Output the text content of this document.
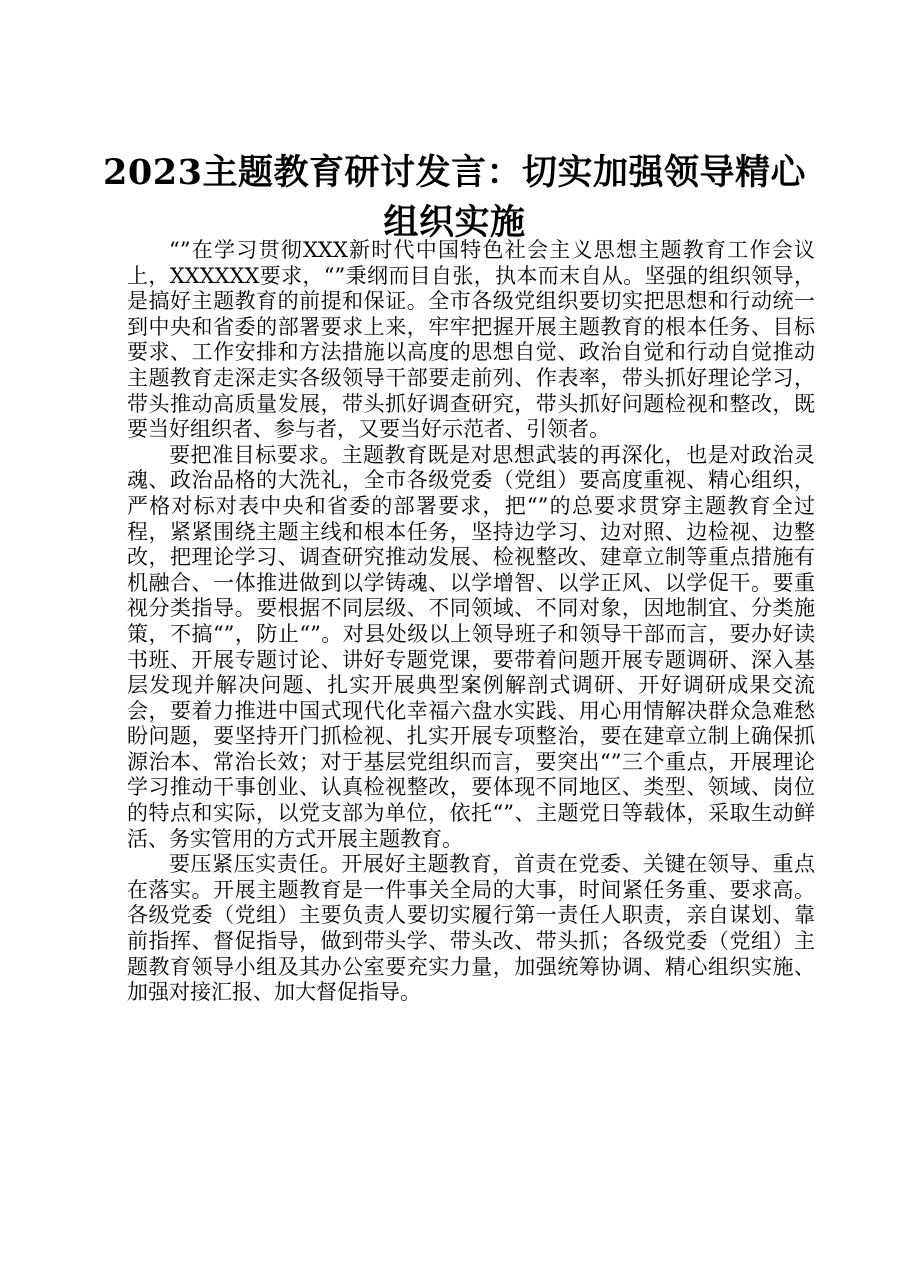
2023主题教育研讨发言：切实加强领导精心组织实施

“”在学习贯彻XXX新时代中国特色社会主义思想主题教育工作会议上，XXXXXX要求，“”秉纲而目自张，执本而末自从。坚强的组织领导，是搞好主题教育的前提和保证。全市各级党组织要切实把思想和行动统一到中央和省委的部署要求上来，牢牢把握开展主题教育的根本任务、目标要求、工作安排和方法措施以高度的思想自觉、政治自觉和行动自觉推动主题教育走深走实各级领导干部要走前列、作表率，带头抓好理论学习，带头推动高质量发展，带头抓好调查研究，带头抓好问题检视和整改，既要当好组织者、参与者，又要当好示范者、引领者。

要把准目标要求。主题教育既是对思想武装的再深化，也是对政治灵魂、政治品格的大洗礼，全市各级党委（党组）要高度重视、精心组织，严格对标对表中央和省委的部署要求，把“”的总要求贯穿主题教育全过程，紧紧围绕主题主线和根本任务，坚持边学习、边对照、边检视、边整改，把理论学习、调查研究推动发展、检视整改、建章立制等重点措施有机融合、一体推进做到以学铸魂、以学增智、以学正风、以学促干。要重视分类指导。要根据不同层级、不同领域、不同对象，因地制宜、分类施策，不搞“”，防止“”。对县处级以上领导班子和领导干部而言，要办好读书班、开展专题讨论、讲好专题党课，要带着问题开展专题调研、深入基层发现并解决问题、扎实开展典型案例解剖式调研、开好调研成果交流会，要着力推进中国式现代化幸福六盘水实践、用心用情解决群众急难愁盼问题，要坚持开门抓检视、扎实开展专项整治，要在建章立制上确保抓源治本、常治长效；对于基层党组织而言，要突出“”三个重点，开展理论学习推动干事创业、认真检视整改，要体现不同地区、类型、领域、岗位的特点和实际，以党支部为单位，依托“”、主题党日等载体，采取生动鲜活、务实管用的方式开展主题教育。

要压紧压实责任。开展好主题教育，首责在党委、关键在领导、重点在落实。开展主题教育是一件事关全局的大事，时间紧任务重、要求高。各级党委（党组）主要负责人要切实履行第一责任人职责，亲自谋划、靠前指挥、督促指导，做到带头学、带头改、带头抓；各级党委（党组）主题教育领导小组及其办公室要充实力量，加强统筹协调、精心组织实施、加强对接汇报、加大督促指导。
